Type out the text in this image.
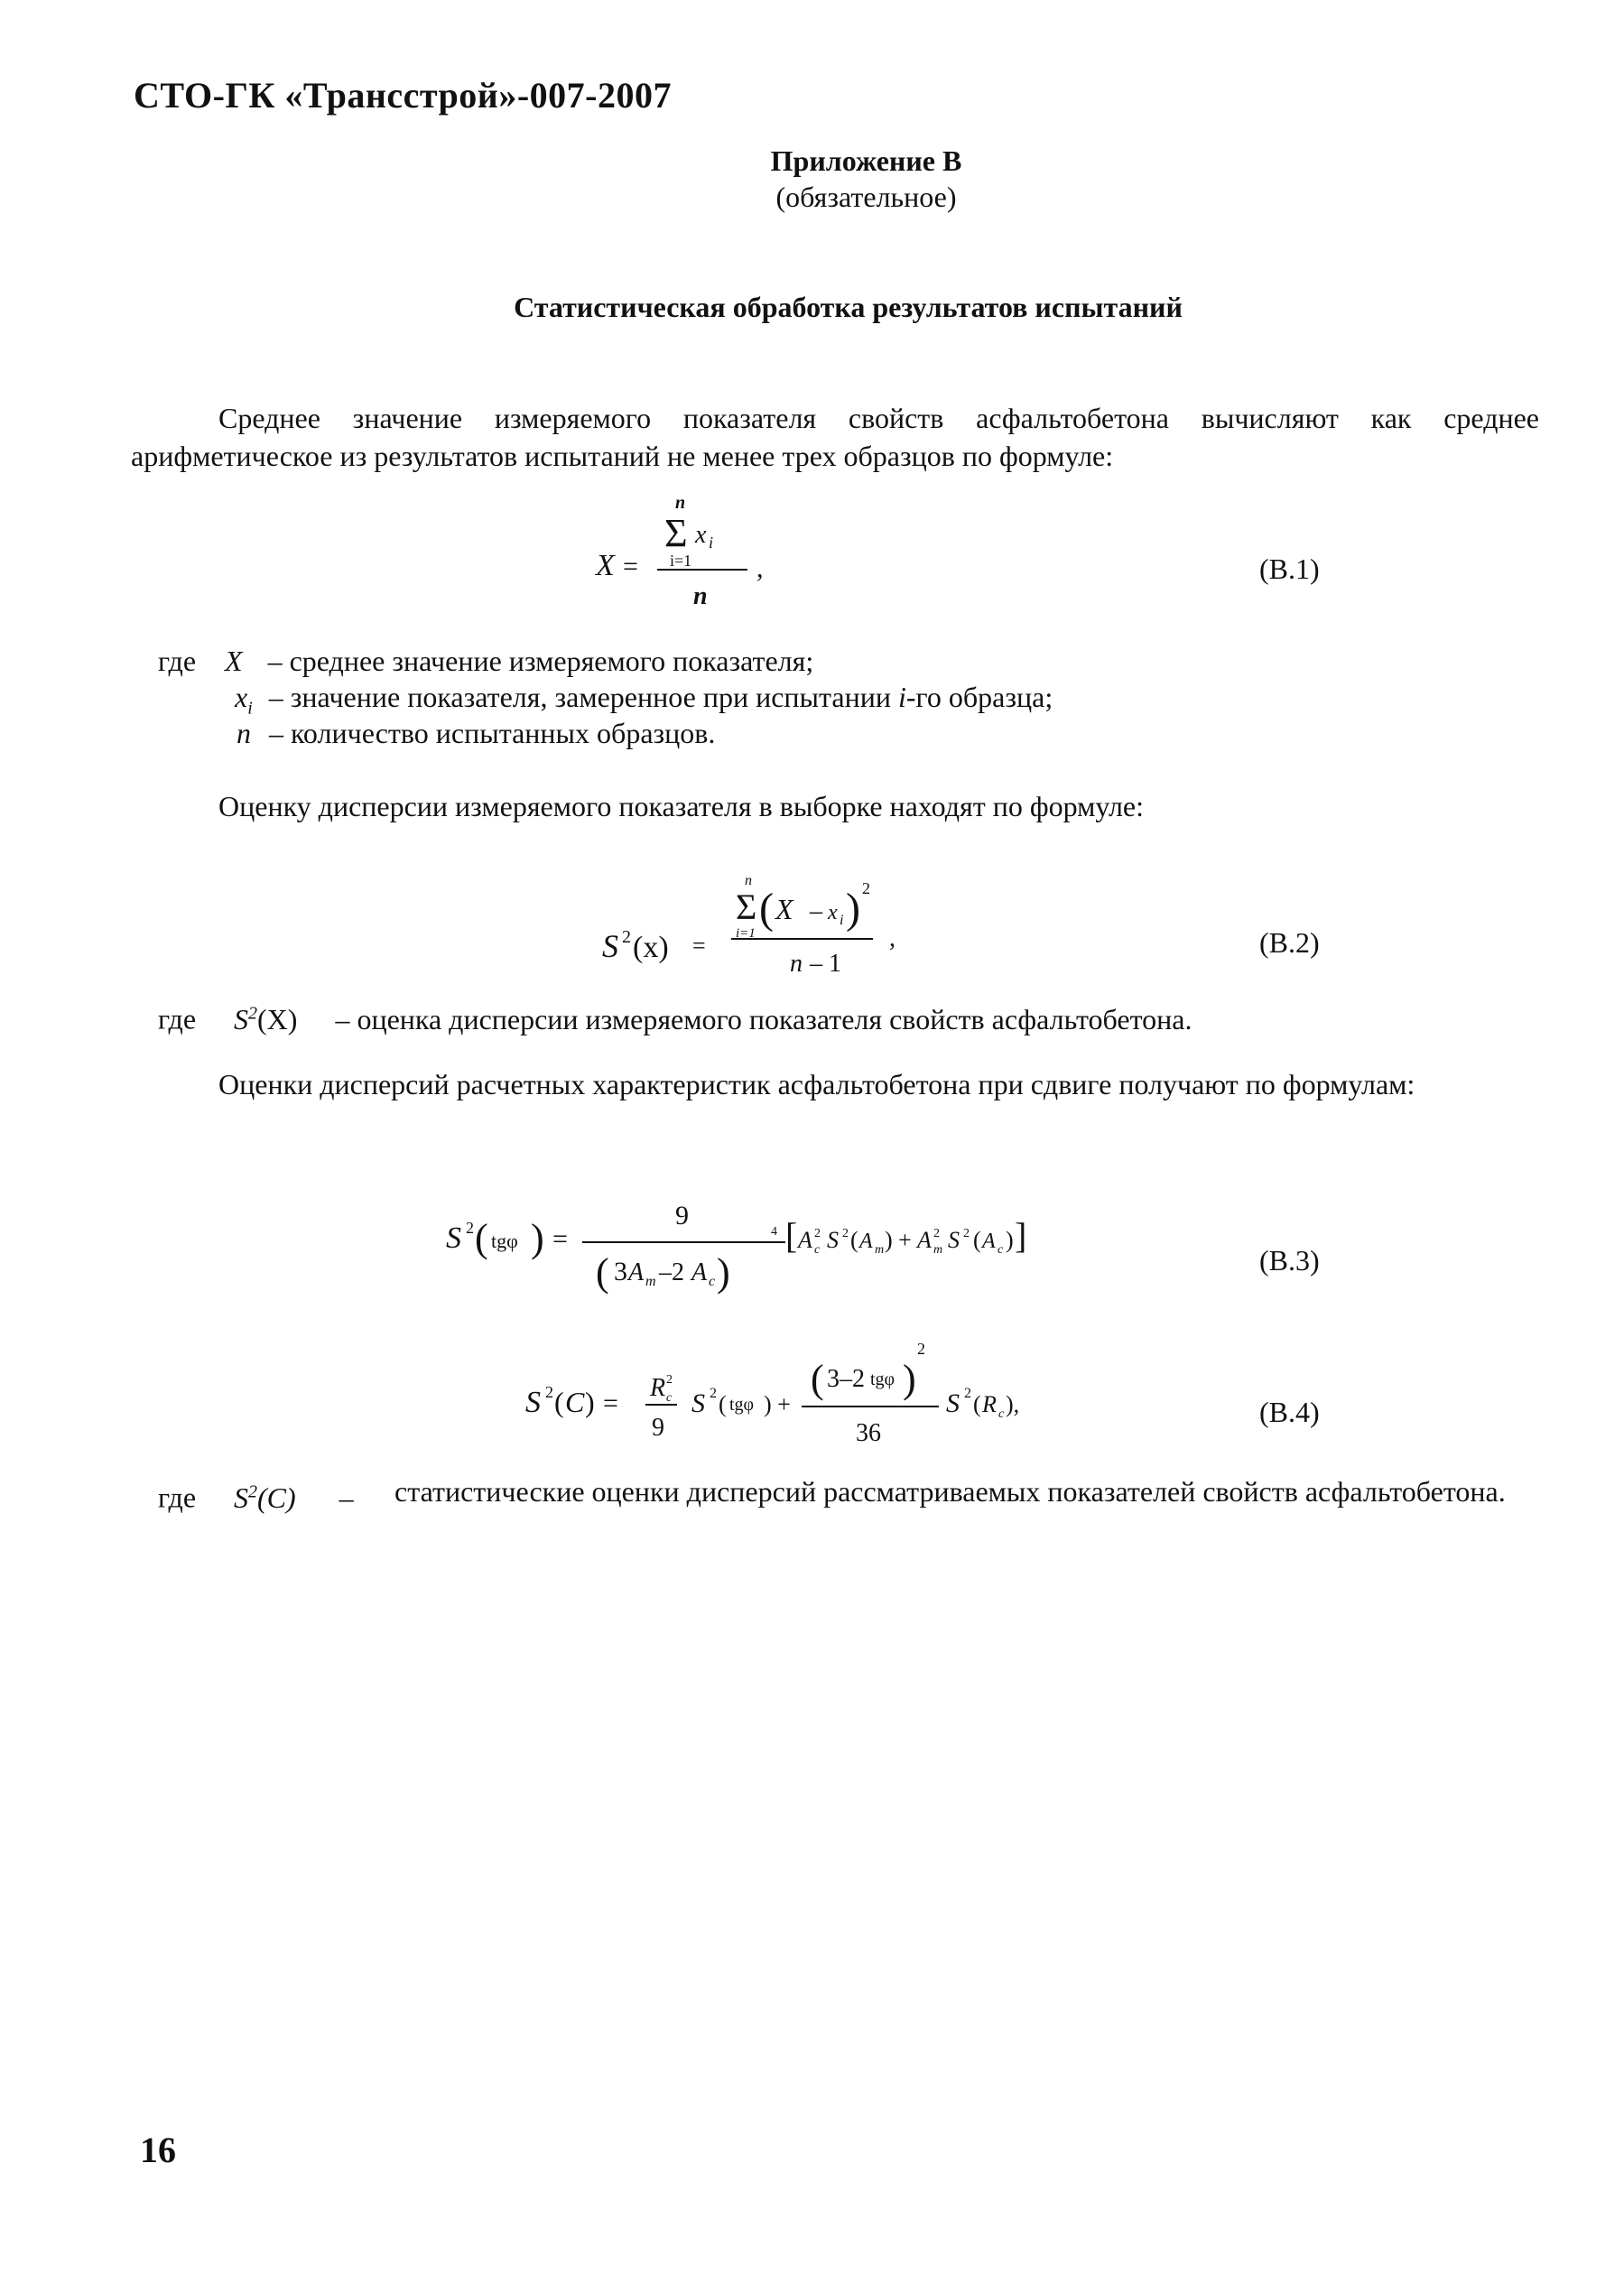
СТО-ГК «Трансстрой»-007-2007
Приложение В
(обязательное)
Статистическая обработка результатов испытаний
Среднее значение измеряемого показателя свойств асфальтобетона вычисляют как среднее арифметическое из результатов испытаний не менее трех образцов по формуле:
n
Σ x i
i=1
X =
n
,	(В.1)
где X – среднее значение измеряемого показателя;
$x_i$ – значение показателя, замеренное при испытании i-го образца;
n – количество испытанных образцов.
Оценку дисперсии измеряемого показателя в выборке находят по формуле:
n
Σ ( X – x i ) 2
i=1
n – 1
S 2 (x) =	,	(В.2)
где $S^2(X)$ – оценка дисперсии измеряемого показателя свойств асфальтобетона.
Оценки дисперсий расчетных характеристик асфальтобетона при сдвиге получают по формулам:
S 2 ( tgφ ) =
9
( 3 A m –2 A c )
4 [ A 2
c S 2 ( A m ) + A 2
m S 2 ( A c ) ]
(В.3)
S 2 ( C ) =
R 2
c
9
S 2 ( tgφ ) +
( 3–2 tgφ )
2
36
S 2 ( R c ),	(В.4)
где $S^2(C)$ – статистические оценки дисперсий рассматриваемых показателей свойств асфальтобетона.
16
